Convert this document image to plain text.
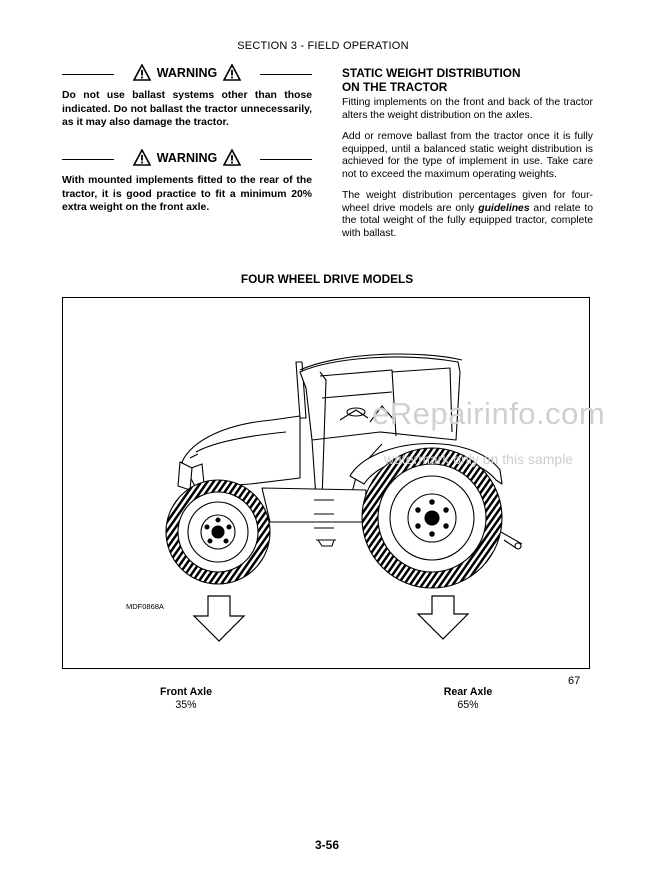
SECTION 3 - FIELD OPERATION
WARNING
Do not use ballast systems other than those indicated. Do not ballast the tractor unnecessarily, as it may also damage the tractor.
WARNING
With mounted implements fitted to the rear of the tractor, it is good practice to fit a minimum 20% extra weight on the front axle.
STATIC WEIGHT DISTRIBUTION
ON THE TRACTOR

Fitting implements on the front and back of the tractor alters the weight distribution on the axles.

Add or remove ballast from the tractor once it is fully equipped, until a balanced static weight distribution is achieved for the type of implement in use. Take care not to exceed the maximum operating weights.

The weight distribution percentages given for four-wheel drive models are only guidelines and relate to the total weight of the fully equipped tractor, complete with ballast.

FOUR WHEEL DRIVE MODELS
eRepairinfo.com
watermark only on this sample
MDF0868A
67
Front Axle
35%
Rear Axle
65%
3-56
